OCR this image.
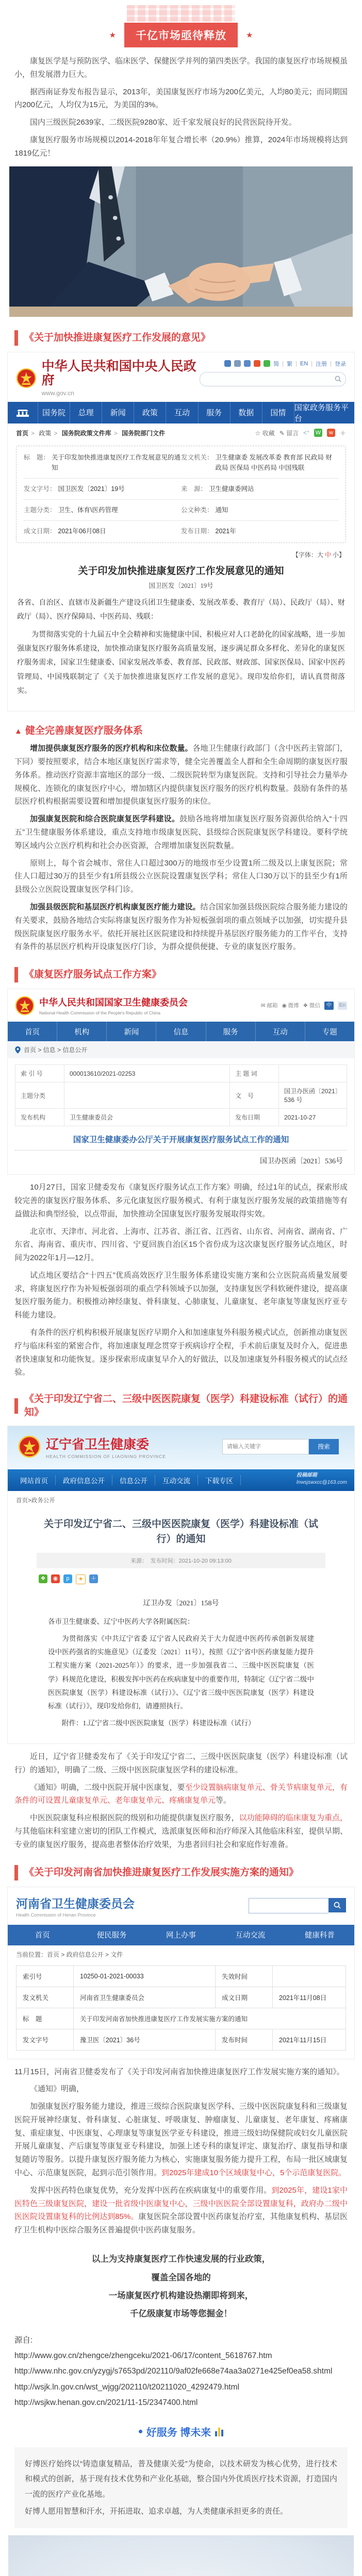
★	千亿市场亟待释放	★

康复医学是与预防医学、临床医学、保健医学并列的第四类医学。我国的康复医疗市场规模虽小，但发展潜力巨大。

据西南证券发布报告显示，2013年，美国康复医疗市场为200亿美元，人均80美元；而同期国内200亿元，人均仅为15元，为美国的3%。

国内三级医院2639家、二级医院9280家、近千家发展良好的民营医院待开发。

康复医疗服务市场规模以2014-2018年年复合增长率（20.9%）推算，2024年市场规模将达到1819亿元！

《关于加快推进康复医疗工作发展的意见》
中华人民共和国中央人民政府
www.gov.cn
简 | 繁 | EN | 注册 | 登录
国务院	总理	新闻	政策	互动	服务	数据	国情
国家政务服务平台
首页 > 政策 > 国务院政策文件库 > 国务院部门文件	☆ 收藏 ✎ 留言 <° W	w	＋
标　题： 关于印发加快推进康复医疗工作发展意见的通知
发文机关： 卫生健康委 发展改革委 教育部 民政局 财政局 医保局 中医药局 中国残联
发文字号： 国卫医发〔2021〕19号	来　源： 卫生健康委网站
主题分类： 卫生、体育\医药管理	公文种类： 通知
成文日期： 2021年06月08日	发布日期： 2021年
【字体：大 中 小】
关于印发加快推进康复医疗工作发展意见的通知
国卫医发〔2021〕19号

各省、自治区、直辖市及新疆生产建设兵团卫生健康委、发展改革委、教育厅（局）、民政厅（局）、财政厅（局）、医疗保障局、中医药局、残联：

为贯彻落实党的十九届五中全会精神和实施健康中国、积极应对人口老龄化的国家战略，进一步加强康复医疗服务体系建设，加快推动康复医疗服务高质量发展，逐步满足群众多样化、差异化的康复医疗服务需求，国家卫生健康委、国家发展改革委、教育部、民政部、财政部、国家医保局、国家中医药管理局、中国残联制定了《关于加快推进康复医疗工作发展的意见》。现印发给你们，请认真贯彻落实。

▲ 健全完善康复医疗服务体系

增加提供康复医疗服务的医疗机构和床位数量。各地卫生健康行政部门（含中医药主管部门，下同）要按照要求，结合本地区康复医疗需求等，健全完善覆盖全人群和全生命周期的康复医疗服务体系。推动医疗资源丰富地区的部分一级、二级医院转型为康复医院。支持和引导社会力量举办规模化、连锁化的康复医疗中心，增加辖区内提供康复医疗服务的医疗机构数量。鼓励有条件的基层医疗机构根据需要设置和增加提供康复医疗服务的床位。

加强康复医院和综合医院康复医学科建设。鼓励各地将增加康复医疗服务资源供给纳入“十四五”卫生健康服务体系建设，重点支持地市级康复医院、县级综合医院康复医学科建设。要科学统筹区域内公立医疗机构和社会办医资源，合理增加康复医院数量。

原则上，每个省会城市、常住人口超过300万的地级市至少设置1所二级及以上康复医院；常住人口超过30万的县至少有1所县级公立医院设置康复医学科；常住人口30万以下的县至少有1所县级公立医院设置康复医学科门诊。

加强县级医院和基层医疗机构康复医疗能力建设。结合国家加强县级医院综合服务能力建设的有关要求，鼓励各地结合实际将康复医疗服务作为补短板强弱项的重点领域予以加强，切实提升县级医院康复医疗服务水平。依托开展社区医院建设和持续提升基层医疗服务能力的工作平台，支持有条件的基层医疗机构开设康复医疗门诊，为群众提供便捷、专业的康复医疗服务。

《康复医疗服务试点工作方案》
中华人民共和国国家卫生健康委员会
National Health Commission of the People's Republic of China
✉ 邮箱 ◉ 微博 ❖ 微信	中	En
首页	机构	新闻	信息	服务	互动	专题
首页 > 信息 > 信息公开
索 引 号	000013610/2021-02253	主 题 词	
主题分类		文　号	国卫办医函〔2021〕536 号
发布机构	卫生健康委员会	发布日期	2021-10-27
国家卫生健康委办公厅关于开展康复医疗服务试点工作的通知
国卫办医函〔2021〕536号

10月27日，国家卫健委发布《康复医疗服务试点工作方案》明确，经过1年的试点，探索形成较完善的康复医疗服务体系、多元化康复医疗服务模式、有利于康复医疗服务发展的政策措施等有益做法和典型经验，以点带面，加快推动全国康复医疗服务发展取得实效。

北京市、天津市、河北省、上海市、江苏省、浙江省、江西省、山东省、河南省、湖南省、广东省、海南省、重庆市、四川省、宁夏回族自治区15个省份成为这次康复医疗服务试点地区，时间为2022年1月—12月。

试点地区要结合“十四五”优质高效医疗卫生服务体系建设实施方案和公立医院高质量发展要求，将康复医疗作为补短板强弱项的重点学科领域予以加强，支持康复医学科软硬件建设，提高康复医疗服务能力。积极推动神经康复、骨科康复、心肺康复、儿童康复、老年康复等康复医疗亚专科能力建设。

有条件的医疗机构积极开展康复医疗早期介入和加速康复外科服务模式试点，创新推动康复医疗与临床科室的紧密合作，将加速康复理念贯穿于疾病诊疗全程，手术前后康复及时介入，促进患者快速康复和功能恢复。逐步探索形成康复早介入的好做法，以及加速康复外科服务模式的试点经验。

《关于印发辽宁省二、三级中医医院康复（医学）科建设标准（试行）的通知》
辽宁省卫生健康委
HEALTH COMMISSION OF LIAONING PROVINCE
请输入关键字
搜索
网站首页	政府信息公开	信息公开	互动交流	下载专区
投稿邮箱
lnwsjswxcc@163.com
首页>政务公开
关于印发辽宁省二、三级中医医院康复（医学）科建设标准（试行）的通知
来源：　发布时间：2021-10-20 09:13:00
❖	◉	p	★	＋
辽卫办发〔2021〕158号

各市卫生健康委、辽宁中医药大学各附属医院：

为贯彻落实《中共辽宁省委 辽宁省人民政府关于大力促进中医药传承创新发展建设中医药强省的实施意见》（辽委发〔2021〕11号），按照《辽宁省中医药康复能力提升工程实施方案（2021-2025年）》的要求，进一步加强我省二、三级中医医院康复（医学）科规范化建设，积极发挥中医药在疾病康复中的重要作用，特制定《辽宁省二级中医医院康复（医学）科建设标准（试行）》、《辽宁省三级中医医院康复（医学）科建设标准（试行）》，现印发给你们，请遵照执行。

附件：1.辽宁省二级中医医院康复（医学）科建设标准（试行）

近日，辽宁省卫健委发布了《关于印发辽宁省二、三级中医医院康复（医学）科建设标准（试行）的通知》，明确了二级、三级中医医院康复医学科的建设标准。

《通知》明确，二级中医院开展中医康复，要至少设置脑病康复单元、骨关节病康复单元，有条件的可设置儿童康复单元、老年康复单元、疼痛康复单元等。

中医医院康复科应根据医院的级别和功能提供康复医疗服务，以功能障碍的临床康复为重点，与其他临床科室建立密切的团队工作模式，选派康复医师和治疗师深入其他临床科室，提供早期、专业的康复医疗服务，提高患者整体治疗效果，为患者回归社会和家庭作好准备。

《关于印发河南省加快推进康复医疗工作发展实施方案的通知》
河南省卫生健康委员会
Health Commission of Henan Province
首页	便民服务	网上办事	互动交流	健康科普
当前位置：首页 > 政府信息公开 > 文件
索引号	10250-01-2021-00033	失效时间	
发文机关	河南省卫生健康委员会	成文日期	2021年11月08日
标　题	关于印发河南省加快推进康复医疗工作发展实施方案的通知		
发文字号	豫卫医〔2021〕36号	发布时间	2021年11月15日

11月15日，河南省卫健委发布了《关于印发河南省加快推进康复医疗工作发展实施方案的通知》。

《通知》明确，

加强康复医疗服务能力建设，推进三级综合医院康复医学科、三级中医医院康复科和三级康复医院开展神经康复、骨科康复、心脏康复、呼吸康复、肿瘤康复、儿童康复、老年康复、疼痛康复、重症康复、中医康复、心理康复等康复医学亚专科建设，推进三级妇幼保健院或妇女儿童医院开展儿童康复、产后康复等康复亚专科建设，加强上述专科的康复评定、康复治疗、康复指导和康复随访等服务。以提升康复医疗服务能力为核心，实施康复服务能力提升工程，布局一批区域康复中心、示范康复医院，起到示范引领作用。到2025年建成10个区域康复中心，5个示范康复医院。

发挥中医药特色康复优势，充分发挥中医药在疾病康复中的重要作用。到2025年，建设1家中医特色三级康复医院，建设一批省级中医康复中心，三级中医医院全部设置康复科，政府办二级中医医院设置康复科的比例达到85%。康复医院全部设置中医药康复治疗室，其他康复机构、基层医疗卫生机构中医综合服务区普遍提供中医药康复服务。

以上为支持康复医疗工作快速发展的行业政策，
覆盖全国各地的
一场康复医疗机构建设热潮即将到来，
千亿级康复市场等您掘金！
源自:
http://www.gov.cn/zhengce/zhengceku/2021-06/17/content_5618767.htm
http://www.nhc.gov.cn/yzygj/s7653pd/202110/9af02fe668e74aa3a0271e425ef0ea58.shtml
http://wsjk.ln.gov.cn/wst_wjgg/202110/t20211020_4292479.html
http://wsjkw.henan.gov.cn/2021/11-15/2347400.html
好服务 博未来

好博医疗始终以“铸造康复精品，普及健康关爱”为使命，以技术研发为核心优势，进行技术和模式的创新，基于现有技术优势和产业化基础，整合国内外优质医疗技术资源，打造国内一流的医疗产业化基地。

好博人愿用智慧和汗水，开拓进取、追求卓越，为人类健康承担更多的责任。
